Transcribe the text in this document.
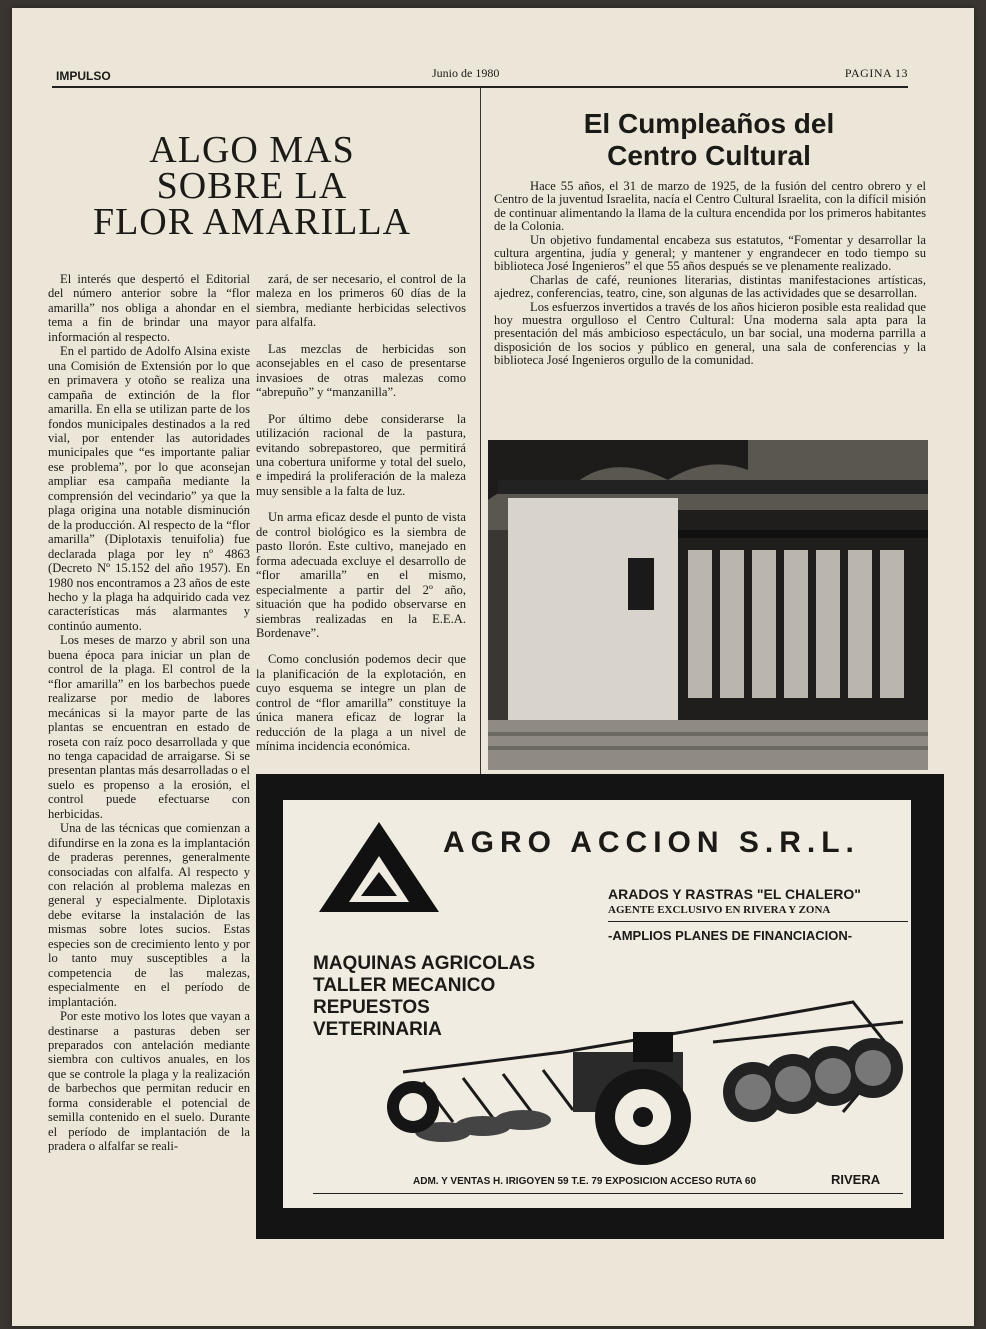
IMPULSO	Junio de 1980	PAGINA 13
ALGO MAS
SOBRE LA
FLOR AMARILLA

El interés que despertó el Editorial del número anterior sobre la “flor amarilla” nos obliga a ahondar en el tema a fin de brindar una mayor información al respecto.

En el partido de Adolfo Alsina existe una Comisión de Extensión por lo que en primavera y otoño se realiza una campaña de extinción de la flor amarilla. En ella se utilizan parte de los fondos municipales destinados a la red vial, por entender las autoridades municipales que “es importante paliar ese problema”, por lo que aconsejan ampliar esa campaña mediante la comprensión del vecindario” ya que la plaga origina una notable disminución de la producción. Al respecto de la “flor amarilla” (Diplotaxis tenuifolia) fue declarada plaga por ley nº 4863 (Decreto Nº 15.152 del año 1957). En 1980 nos encontramos a 23 años de este hecho y la plaga ha adquirido cada vez características más alarmantes y continúo aumento.

Los meses de marzo y abril son una buena época para iniciar un plan de control de la plaga. El control de la “flor amarilla” en los barbechos puede realizarse por medio de labores mecánicas si la mayor parte de las plantas se encuentran en estado de roseta con raíz poco desarrollada y que no tenga capacidad de arraigarse. Si se presentan plantas más desarrolladas o el suelo es propenso a la erosión, el control puede efectuarse con herbicidas.

Una de las técnicas que comienzan a difundirse en la zona es la implantación de praderas perennes, generalmente consociadas con alfalfa. Al respecto y con relación al problema malezas en general y especialmente. Diplotaxis debe evitarse la instalación de las mismas sobre lotes sucios. Estas especies son de crecimiento lento y por lo tanto muy susceptibles a la competencia de las malezas, especialmente en el período de implantación.

Por este motivo los lotes que vayan a destinarse a pasturas deben ser preparados con antelación mediante siembra con cultivos anuales, en los que se controle la plaga y la realización de barbechos que permitan reducir en forma considerable el potencial de semilla contenido en el suelo. Durante el período de implantación de la pradera o alfalfar se reali-

zará, de ser necesario, el control de la maleza en los primeros 60 días de la siembra, mediante herbicidas selectivos para alfalfa.

Las mezclas de herbicidas son aconsejables en el caso de presentarse invasioes de otras malezas como “abrepuño” y “manzanilla”.

Por último debe considerarse la utilización racional de la pastura, evitando sobrepastoreo, que permitirá una cobertura uniforme y total del suelo, e impedirá la proliferación de la maleza muy sensible a la falta de luz.

Un arma eficaz desde el punto de vista de control biológico es la siembra de pasto llorón. Este cultivo, manejado en forma adecuada excluye el desarrollo de “flor amarilla” en el mismo, especialmente a partir del 2º año, situación que ha podido observarse en siembras realizadas en la E.E.A. Bordenave”.

Como conclusión podemos decir que la planificación de la explotación, en cuyo esquema se integre un plan de control de “flor amarilla” constituye la única manera eficaz de lograr la reducción de la plaga a un nivel de mínima incidencia económica.

El Cumpleaños del
Centro Cultural

Hace 55 años, el 31 de marzo de 1925, de la fusión del centro obrero y el Centro de la juventud Israelita, nacía el Centro Cultural Israelita, con la difícil misión de continuar alimentando la llama de la cultura encendida por los primeros habitantes de la Colonia.

Un objetivo fundamental encabeza sus estatutos, “Fomentar y desarrollar la cultura argentina, judía y general; y mantener y engrandecer en todo tiempo su biblioteca José Ingenieros” el que 55 años después se ve plenamente realizado.

Charlas de café, reuniones literarias, distintas manifestaciones artísticas, ajedrez, conferencias, teatro, cine, son algunas de las actividades que se desarrollan.

Los esfuerzos invertidos a través de los años hicieron posible esta realidad que hoy muestra orgulloso el Centro Cultural: Una moderna sala apta para la presentación del más ambicioso espectáculo, un bar social, una moderna parrilla a disposición de los socios y público en general, una sala de conferencias y la biblioteca José Ingenieros orgullo de la comunidad.

AGRO ACCION S.R.L.
ARADOS Y RASTRAS "EL CHALERO"
AGENTE EXCLUSIVO EN RIVERA Y ZONA
-AMPLIOS PLANES DE FINANCIACION-
MAQUINAS AGRICOLAS
TALLER MECANICO
REPUESTOS
VETERINARIA
ADM. Y VENTAS H. IRIGOYEN 59 T.E. 79 EXPOSICION ACCESO RUTA 60	RIVERA
